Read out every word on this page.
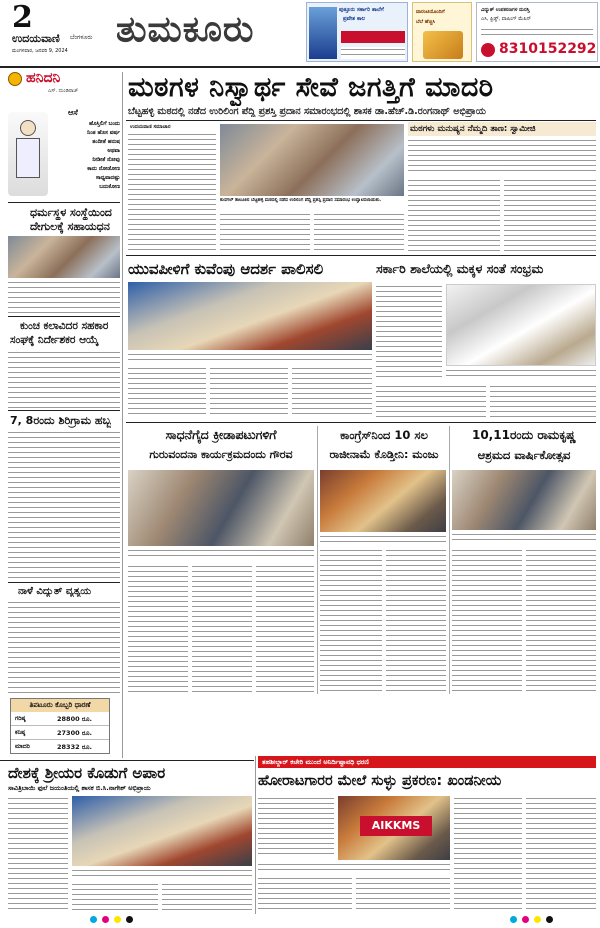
2
ಉದಯವಾಣಿ ಬೆಂಗಳೂರು
ಮಂಗಳವಾರ, ಜನವರಿ 9, 2024
ತುಮಕೂರು	ಪುತ್ತೂರು ಸರ್ಕಾರಿ ಶಾಲೆಗೆ
ಪ್ರವೇಶ ಕಾಲ
ವಾರಂಟಿಯೊಂದಿಗೆ
ಬೆಲೆ ಹೆಚ್ಚಿಸಿ
ವಿದ್ಯುತ್ ಉಪಕರಣಗಳ ದುರಸ್ತಿ
ಎಸಿ, ಫ್ರಿಡ್ಜ್, ವಾಷಿಂಗ್ ಮೆಷಿನ್
8310152292
ಹನಿದನಿ
ಎಸ್. ದುಂಡಿರಾಜ್
ಆಸೆ
ಹೊಸ್ತಿಲಿಗೆ ಬಂದು
ನಿಂತ ಹೊಸ ವರ್ಷ
ತಂದೀತೆ ಹರುಷ
ಅಥವಾ
ನೀಡೀತೆ ನೋವು
ಕಾದು ನೋಡೋಣ
ಸಾಧ್ಯವಾದಷ್ಟು
ಬದುಕೋಣ
ಧರ್ಮಸ್ಥಳ ಸಂಸ್ಥೆಯಿಂದ
ದೇಗುಲಕ್ಕೆ ಸಹಾಯಧನ
ಕುಂಚ ಕಲಾವಿದರ ಸಹಕಾರ
ಸಂಘಕ್ಕೆ ನಿರ್ದೇಶಕರ ಆಯ್ಕೆ
7, 8ರಂದು ಶಿರಿಗ್ರಾಮ ಹಬ್ಬ
ನಾಳೆ ವಿದ್ಯುತ್ ವ್ಯತ್ಯಯ
ತಿಪಟೂರು ಕೊಬ್ಬರಿ ಧಾರಣೆ
ಗರಿಷ್ಠ	28800 ರೂ.
ಕನಿಷ್ಠ	27300 ರೂ.
ಮಾದರಿ	28332 ರೂ.
ಮಠಗಳ ನಿಸ್ವಾರ್ಥ ಸೇವೆ ಜಗತ್ತಿಗೆ ಮಾದರಿ
ಬೆಟ್ಟಹಳ್ಳಿ ಮಠದಲ್ಲಿ ನಡೆದ ಉರಿಲಿಂಗ ಪೆದ್ದಿ ಪ್ರಶಸ್ತಿ ಪ್ರದಾನ ಸಮಾರಂಭದಲ್ಲಿ ಶಾಸಕ ಡಾ.ಹೆಚ್.ಡಿ.ರಂಗನಾಥ್ ಅಭಿಪ್ರಾಯ
ಉದಯವಾಣಿ ಸಮಾಚಾರ
ಕುಣಿಗಲ್ ತಾಲೂಕಿನ ಬೆಟ್ಟಹಳ್ಳಿ ಮಠದಲ್ಲಿ ನಡೆದ ಉರಿಲಿಂಗ ಪೆದ್ದಿ ಪ್ರಶಸ್ತಿ ಪ್ರದಾನ ಸಮಾರಂಭ ಉದ್ಘಾಟಿಸಲಾಯಿತು.
ಮಠಗಳು ಮನುಷ್ಯನ ನೆಮ್ಮದಿ ತಾಣ: ಸ್ವಾಮೀಜಿ
ಯುವಪೀಳಿಗೆ ಕುವೆಂಪು ಆದರ್ಶ ಪಾಲಿಸಲಿ	ಸರ್ಕಾರಿ ಶಾಲೆಯಲ್ಲಿ ಮಕ್ಕಳ ಸಂತೆ ಸಂಭ್ರಮ
ಸಾಧನೆಗೈದ ಕ್ರೀಡಾಪಟುಗಳಿಗೆ
ಗುರುವಂದನಾ ಕಾರ್ಯಕ್ರಮದಂದು ಗೌರವ
ಕಾಂಗ್ರೆಸ್‌ನಿಂದ 10 ಸಲ
ರಾಜೀನಾಮೆ ಕೊಡ್ತೀನಿ: ಮಂಜು
10,11ರಂದು ರಾಮಕೃಷ್ಣ
ಆಶ್ರಮದ ವಾರ್ಷಿಕೋತ್ಸವ
ತಹಶೀಲ್ದಾರ್ ಕಚೇರಿ ಮುಂದೆ ಅನಿರ್ದಿಷ್ಟಾವಧಿ ಧರಣಿ
ದೇಶಕ್ಕೆ ಶ್ರೀಯರ ಕೊಡುಗೆ ಅಪಾರ
ಸಾವಿತ್ರಿಬಾಯಿ ಫುಲೆ ಜಯಂತಿಯಲ್ಲಿ ಶಾಸಕ ಬಿ.ಸಿ.ನಾಗೇಶ್ ಅಭಿಪ್ರಾಯ	ಹೋರಾಟಗಾರರ ಮೇಲೆ ಸುಳ್ಳು ಪ್ರಕರಣ: ಖಂಡನೀಯ
AIKKMS
